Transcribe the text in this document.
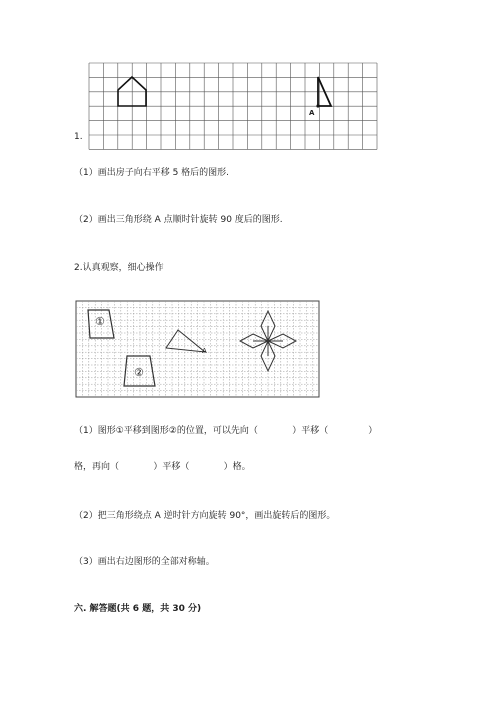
A
1.
（1）画出房子向右平移 5 格后的图形.
（2）画出三角形绕 A 点顺时针旋转 90 度后的图形.
2.认真观察，细心操作
①
②
A
（1）图形①平移到图形②的位置，可以先向（            ）平移（              ）
格，再向（            ）平移（            ）格。
（2）把三角形绕点 A 逆时针方向旋转 90°，画出旋转后的图形。
（3）画出右边图形的全部对称轴。
六. 解答题(共 6 题，共 30 分)
